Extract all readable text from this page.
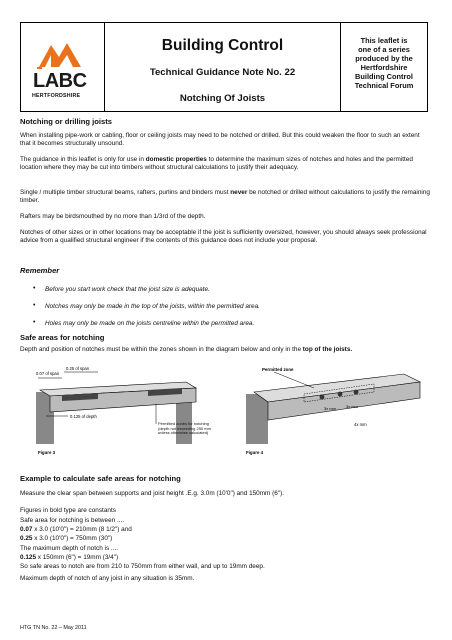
LABC
HERTFORDSHIRE
Building Control
Technical Guidance Note No. 22
Notching Of Joists
This leaflet is
one of a series
produced by the
Hertfordshire
Building Control
Technical Forum
Notching or drilling joists
When installing pipe-work or cabling, floor or ceiling joists may need to be notched or drilled. But this could weaken the floor to such an extent that it becomes structurally unsound.
The guidance in this leaflet is only for use in domestic properties to determine the maximum sizes of notches and holes and the permitted location where they may be cut into timbers without structural calculations to justify their adequacy.
Single / multiple timber structural beams, rafters, purlins and binders must never be notched or drilled without calculations to justify the remaining timber.
Rafters may be birdsmouthed by no more than 1/3rd of the depth.
Notches of other sizes or in other locations may be acceptable if the joist is sufficiently oversized, however, you should always seek professional advice from a qualified structural engineer if the contents of this guidance does not include your proposal.
Remember
• Before you start work check that the joist size is adequate.
• Notches may only be made in the top of the joists, within the permitted area.
• Holes may only be made on the joists centreline within the permitted area.
Safe areas for notching
Depth and position of notches must be within the zones shown in the diagram below and only in the top of the joists.
0.25 of span
0.07 of span
0.125 of depth
Permitted zones for notching (depth not exceeding 250 mm unless otherwise calculated)
Figure 3
Permitted zone
3x mm	3x mm
4x mm
Figure 4
Example to calculate safe areas for notching
Measure the clear span between supports and joist height .E.g. 3.0m (10'0") and 150mm (6").
Figures in bold type are constants
Safe area for notching is between ....
0.07 x 3.0 (10'0") = 210mm (8 1/2") and
0.25 x 3.0 (10'0") = 750mm (30")
The maximum depth of notch is ....
0.125 x 150mm (6") = 19mm (3/4")
So safe areas to notch are from 210 to 750mm from either wall, and up to 19mm deep.
Maximum depth of notch of any joist in any situation is 35mm.
HTG TN No. 22 – May 2011
